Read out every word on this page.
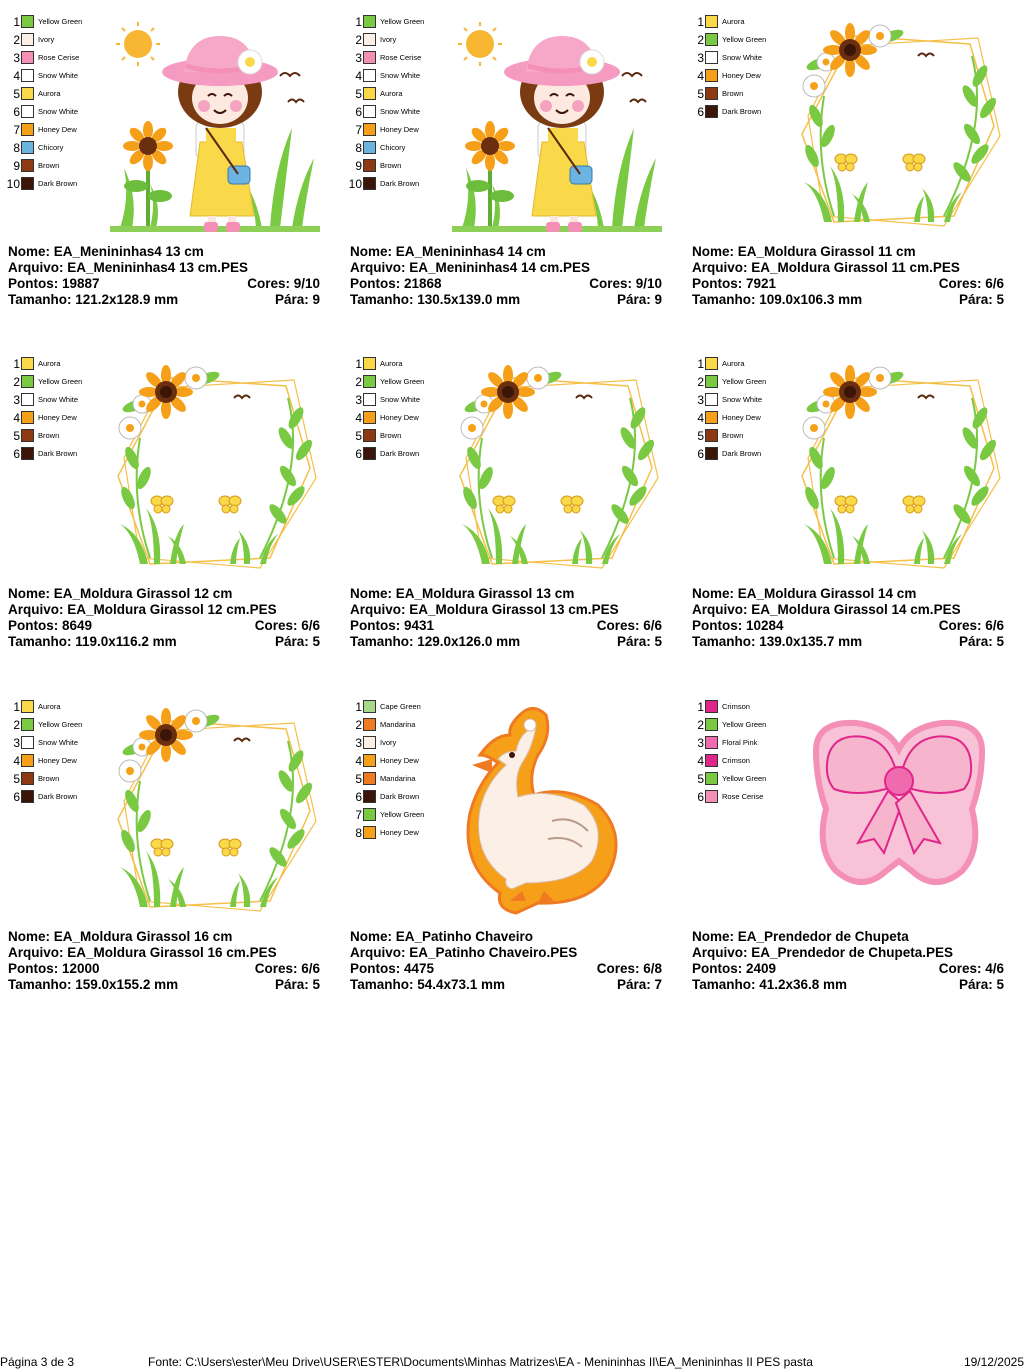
1 Yellow Green
2 Ivory
3 Rose Cerise
4 Snow White
5 Aurora
6 Snow White
7 Honey Dew
8 Chicory
9 Brown
10 Dark Brown
Nome: EA_Menininhas4 13 cm
Arquivo: EA_Menininhas4 13 cm.PES
Pontos: 19887	Cores: 9/10
Tamanho: 121.2x128.9 mm	Pára: 9
1 Yellow Green
2 Ivory
3 Rose Cerise
4 Snow White
5 Aurora
6 Snow White
7 Honey Dew
8 Chicory
9 Brown
10 Dark Brown
Nome: EA_Menininhas4 14 cm
Arquivo: EA_Menininhas4 14 cm.PES
Pontos: 21868	Cores: 9/10
Tamanho: 130.5x139.0 mm	Pára: 9
1 Aurora
2 Yellow Green
3 Snow White
4 Honey Dew
5 Brown
6 Dark Brown
Nome: EA_Moldura Girassol 11 cm
Arquivo: EA_Moldura Girassol 11 cm.PES
Pontos: 7921	Cores: 6/6
Tamanho: 109.0x106.3 mm	Pára: 5
1 Aurora
2 Yellow Green
3 Snow White
4 Honey Dew
5 Brown
6 Dark Brown
Nome: EA_Moldura Girassol 12 cm
Arquivo: EA_Moldura Girassol 12 cm.PES
Pontos: 8649	Cores: 6/6
Tamanho: 119.0x116.2 mm	Pára: 5
1 Aurora
2 Yellow Green
3 Snow White
4 Honey Dew
5 Brown
6 Dark Brown
Nome: EA_Moldura Girassol 13 cm
Arquivo: EA_Moldura Girassol 13 cm.PES
Pontos: 9431	Cores: 6/6
Tamanho: 129.0x126.0 mm	Pára: 5
1 Aurora
2 Yellow Green
3 Snow White
4 Honey Dew
5 Brown
6 Dark Brown
Nome: EA_Moldura Girassol 14 cm
Arquivo: EA_Moldura Girassol 14 cm.PES
Pontos: 10284	Cores: 6/6
Tamanho: 139.0x135.7 mm	Pára: 5
1 Aurora
2 Yellow Green
3 Snow White
4 Honey Dew
5 Brown
6 Dark Brown
Nome: EA_Moldura Girassol 16 cm
Arquivo: EA_Moldura Girassol 16 cm.PES
Pontos: 12000	Cores: 6/6
Tamanho: 159.0x155.2 mm	Pára: 5
1 Cape Green
2 Mandarina
3 Ivory
4 Honey Dew
5 Mandarina
6 Dark Brown
7 Yellow Green
8 Honey Dew
Nome: EA_Patinho Chaveiro
Arquivo: EA_Patinho Chaveiro.PES
Pontos: 4475	Cores: 6/8
Tamanho: 54.4x73.1 mm	Pára: 7
1 Crimson
2 Yellow Green
3 Floral Pink
4 Crimson
5 Yellow Green
6 Rose Cerise
Nome: EA_Prendedor de Chupeta
Arquivo: EA_Prendedor de Chupeta.PES
Pontos: 2409	Cores: 4/6
Tamanho: 41.2x36.8 mm	Pára: 5
Página 3 de 3	Fonte: C:\Users\ester\Meu Drive\USER\ESTER\Documents\Minhas Matrizes\EA - Menininhas II\EA_Menininhas II PES pasta	19/12/2025
